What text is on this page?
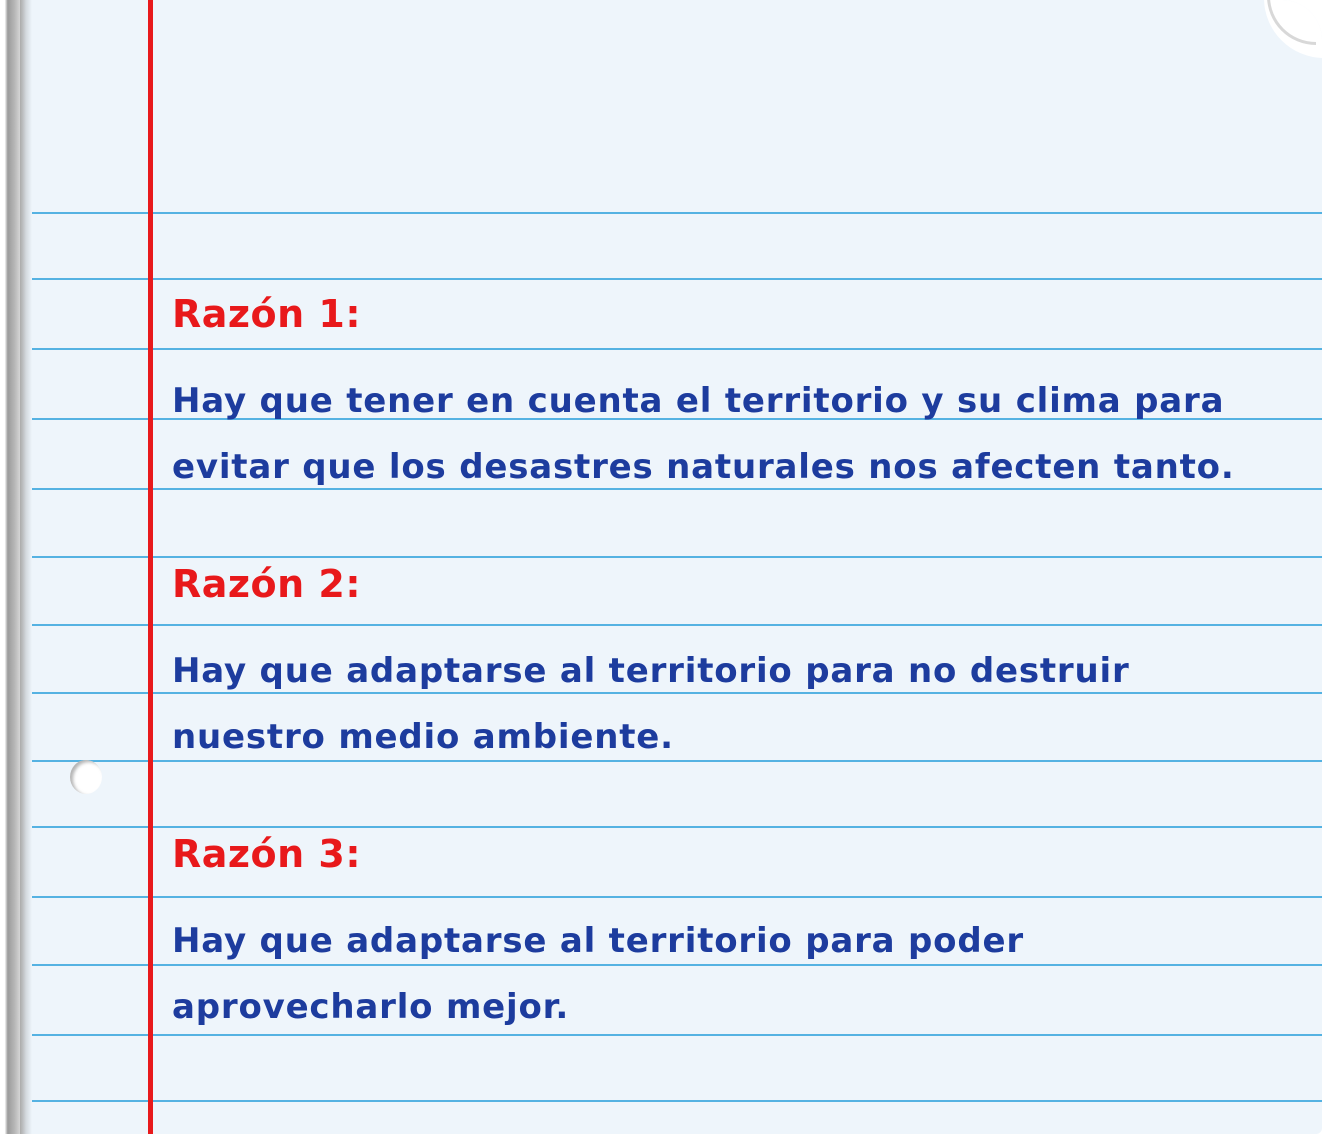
Razón 1:
Hay que tener en cuenta el territorio y su clima para
evitar que los desastres naturales nos afecten tanto.
Razón 2:
Hay que adaptarse al territorio para no destruir
nuestro medio ambiente.
Razón 3:
Hay que adaptarse al territorio para poder
aprovecharlo mejor.
